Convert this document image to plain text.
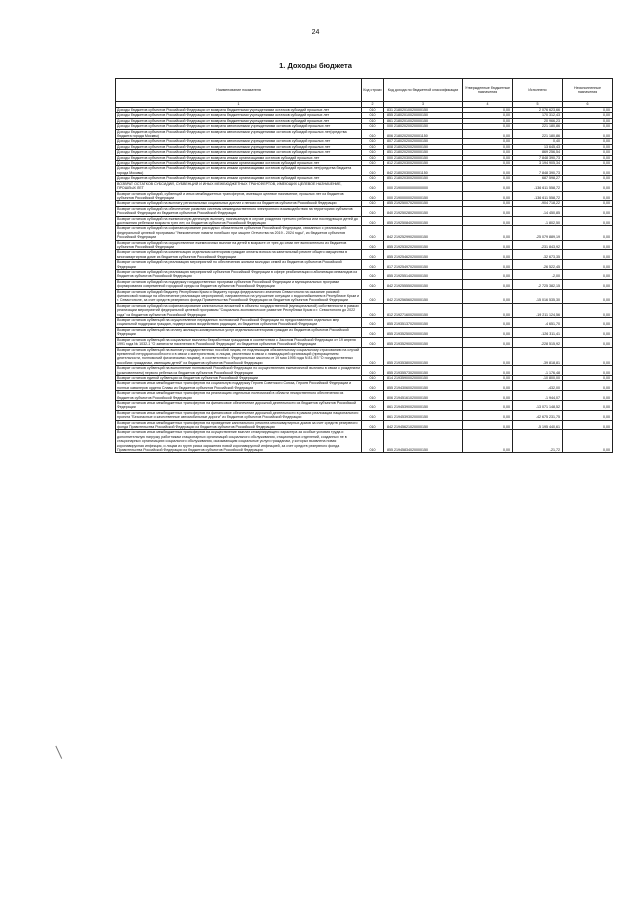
24
1. Доходы бюджета
Наименование показателя	Код строки	Код дохода по бюджетной классификации	Утвержденные бюджетные назначения	Исполнено	Неисполненные назначения
1	2	3	4	5	6
Доходы бюджетов субъектов Российской Федерации от возврата бюджетными учреждениями остатков субсидий прошлых лет	010	831 21802010020000150	0,00	2 076 623,66	0,00
Доходы бюджетов субъектов Российской Федерации от возврата бюджетными учреждениями остатков субсидий прошлых лет	010	855 21802010020000150	0,00	170 312,43	0,00
Доходы бюджетов субъектов Российской Федерации от возврата бюджетными учреждениями остатков субсидий прошлых лет	010	861 21802010020000150	0,00	20 966,23	0,00
Доходы бюджетов субъектов Российской Федерации от возврата автономными учреждениями остатков субсидий прошлых лет	010	000 21802020020000150	0,00	221 180,86	0,00
Доходы бюджетов субъектов Российской Федерации от возврата автономными учреждениями остатков субсидий прошлых лет(средства бюджета города Москвы)	010	806 21802020020001150	0,00	221 180,86	0,00
Доходы бюджетов субъектов Российской Федерации от возврата автономными учреждениями остатков субсидий прошлых лет	010	807 21802020020000150	0,00	0,40	0,00
Доходы бюджетов субъектов Российской Федерации от возврата автономными учреждениями остатков субсидий прошлых лет	010	808 21802020020000150	0,00	13 645,43	0,00
Доходы бюджетов субъектов Российской Федерации от возврата автономными учреждениями остатков субсидий прошлых лет	010	851 21802020020000150	0,00	869 256,54	0,00
Доходы бюджетов субъектов Российской Федерации от возврата иными организациями остатков субсидий прошлых лет	010	000 21802030020000150	0,00	7 848 390,73	0,00
Доходы бюджетов субъектов Российской Федерации от возврата иными организациями остатков субсидий прошлых лет	010	812 21802030020000150	0,00	3 194 905,34	0,00
Доходы бюджетов субъектов Российской Федерации от возврата иными организациями остатков субсидий прошлых лет(средства бюджета города Москвы)	010	842 21802030020001150	0,00	7 848 390,73	0,00
Доходы бюджетов субъектов Российской Федерации от возврата иными организациями остатков субсидий прошлых лет	010	851 21802030020000150	0,00	687 598,27	0,00
ВОЗВРАТ ОСТАТКОВ СУБСИДИЙ, СУБВЕНЦИЙ И ИНЫХ МЕЖБЮДЖЕТНЫХ ТРАНСФЕРТОВ, ИМЕЮЩИХ ЦЕЛЕВОЕ НАЗНАЧЕНИЕ, ПРОШЛЫХ ЛЕТ	010	000 21900000000000000	0,00	-136 611 558,72	0,00
Возврат остатков субсидий, субвенций и иных межбюджетных трансфертов, имеющих целевое назначение, прошлых лет из бюджетов субъектов Российской Федерации	010	000 21900000020000150	0,00	-136 611 558,72	0,00
Возврат остатков субсидий на выплату региональных социальных доплат к пенсии из бюджетов субъектов Российской Федерации	010	855 21925007020000150	0,00	-904 718,22	0,00
Возврат остатков субсидий на обеспечение развития системы межведомственного электронного взаимодействия на территориях субъектов Российской Федерации из бюджетов субъектов Российской Федерации	010	840 21925028020000150	0,00	-14 450,85	0,00
Возврат остатков субсидий на ежемесячную денежную выплату, назначаемую в случае рождения третьего ребенка или последующих детей до достижения ребенком возраста трех лет, из бюджетов субъектов Российской Федерации	010	855 21925084020000150	0,00	-1 802,50	0,00
Возврат остатков субсидий на софинансирование расходных обязательств субъектов Российской Федерации, связанных с реализацией федеральной целевой программы "Увековечение памяти погибших при защите Отечества на 2019 - 2024 годы", из бюджетов субъектов Российской Федерации	010	842 21925299020000150	0,00	-25 079 889,19	0,00
Возврат остатков субсидий на осуществление ежемесячных выплат на детей в возрасте от трех до семи лет включительно из бюджетов субъектов Российской Федерации	010	855 21925302020000150	0,00	-231 843,92	0,00
Возврат остатков субсидий на компенсацию отдельным категориям граждан оплаты взноса на капитальный ремонт общего имущества в многоквартирном доме из бюджетов субъектов Российской Федерации	010	855 21925462020000150	0,00	-32 673,35	0,00
Возврат остатков субсидий на реализацию мероприятий по обеспечению жильем молодых семей из бюджетов субъектов Российской Федерации	010	817 21925497020000150	0,00	-26 522,45	0,00
Возврат остатков субсидий на реализацию мероприятий субъектов Российской Федерации в сфере реабилитации и абилитации инвалидов из бюджетов субъектов Российской Федерации	010	855 21925514020000150	0,00	-2,00	0,00
Возврат остатков субсидий на поддержку государственных программ субъектов Российской Федерации и муниципальных программ формирования современной городской среды из бюджетов субъектов Российской Федерации	010	842 21925555020000150	0,00	-2 725 382,15	0,00
Возврат остатков субсидий бюджету Республики Крым и бюджету города федерального значения Севастополя на оказание разовой финансовой помощи на обеспечение реализации мероприятий, направленных на улучшение ситуации с водоснабжением в Республике Крым и г. Севастополе, за счет средств резервного фонда Правительства Российской Федерации из бюджетов субъектов Российской Федерации	010	842 21925656020000150	0,00	-15 016 535,30	0,00
Возврат остатков субсидий на софинансирование капитальных вложений в объекты государственной (муниципальной) собственности в рамках реализации мероприятий федеральной целевой программы "Социально-экономическое развитие Республики Крым и г. Севастополя до 2022 года" из бюджетов субъектов Российской Федерации	010	812 21927160020000150	0,00	-19 211 124,56	0,00
Возврат остатков субвенций на осуществление переданных полномочий Российской Федерации по предоставлению отдельных мер социальной поддержки граждан, подвергшихся воздействию радиации, из бюджетов субъектов Российской Федерации	010	855 21935137020000150	0,00	-4 651,70	0,00
Возврат остатков субвенций на оплату жилищно-коммунальных услуг отдельным категориям граждан из бюджетов субъектов Российской Федерации	010	855 21935250020000150	0,00	-126 311,41	0,00
Возврат остатков субвенций на социальные выплаты безработным гражданам в соответствии с Законом Российской Федерации от 19 апреля 1991 года № 1032-1 "О занятости населения в Российской Федерации" из бюджетов субъектов Российской Федерации	010	855 21935290020000150	0,00	-228 515,92	0,00
Возврат остатков субвенций на выплату государственных пособий лицам, не подлежащим обязательному социальному страхованию на случай временной нетрудоспособности и в связи с материнством, и лицам, уволенным в связи с ликвидацией организаций (прекращением деятельности, полномочий физическими лицами), в соответствии с Федеральным законом от 19 мая 1995 года N 81-ФЗ "О государственных пособиях гражданам, имеющим детей" из бюджетов субъектов Российской Федерации	010	855 21935380020000150	0,00	-39 818,81	0,00
Возврат остатков субвенций на выполнение полномочий Российской Федерации по осуществлению ежемесячной выплаты в связи с рождением (усыновлением) первого ребенка из бюджетов субъектов Российской Федерации	010	855 21935573020000150	0,00	-1 176,48	0,00
Возврат остатков единой субвенции из бюджетов субъектов Российской Федерации	010	814 21935900020000150	0,00	-10 800,00	0,00
Возврат остатков иных межбюджетных трансфертов на социальную поддержку Героев Советского Союза, Героев Российской Федерации и полных кавалеров ордена Славы из бюджетов субъектов Российской Федерации	010	855 21943060020000150	0,00	-432,00	0,00
Возврат остатков иных межбюджетных трансфертов на реализацию отдельных полномочий в области лекарственного обеспечения из бюджетов субъектов Российской Федерации	010	806 21945161020000150	0,00	-1 944,07	0,00
Возврат остатков иных межбюджетных трансфертов на финансовое обеспечение дорожной деятельности из бюджетов субъектов Российской Федерации	010	861 21945390020000150	0,00	-13 071 148,52	0,00
Возврат остатков иных межбюджетных трансфертов на финансовое обеспечение дорожной деятельности в рамках реализации национального проекта "Безопасные и качественные автомобильные дороги" из бюджетов субъектов Российской Федерации	010	861 21945393020000150	0,00	-42 675 231,75	0,00
Возврат остатков иных межбюджетных трансфертов на проведение капитального ремонта многоквартирных домов за счет средств резервного фонда Правительства Российской Федерации из бюджетов субъектов Российской Федерации	010	842 21945621020000150	0,00	-5 195 440,61	0,00
Возврат остатков иных межбюджетных трансфертов на осуществление выплат стимулирующего характера за особые условия труда и дополнительную нагрузку работникам стационарных организаций социального обслуживания, стационарных отделений, созданных не в стационарных организациях социального обслуживания, оказывающим социальные услуги гражданам, у которых выявлена новая коронавирусная инфекция, и лицам из групп риска заражения новой коронавирусной инфекцией, за счет средств резервного фонда Правительства Российской Федерации из бюджетов субъектов Российской Федерации	010	855 21945834020000150	0,00	-21,72	0,00
